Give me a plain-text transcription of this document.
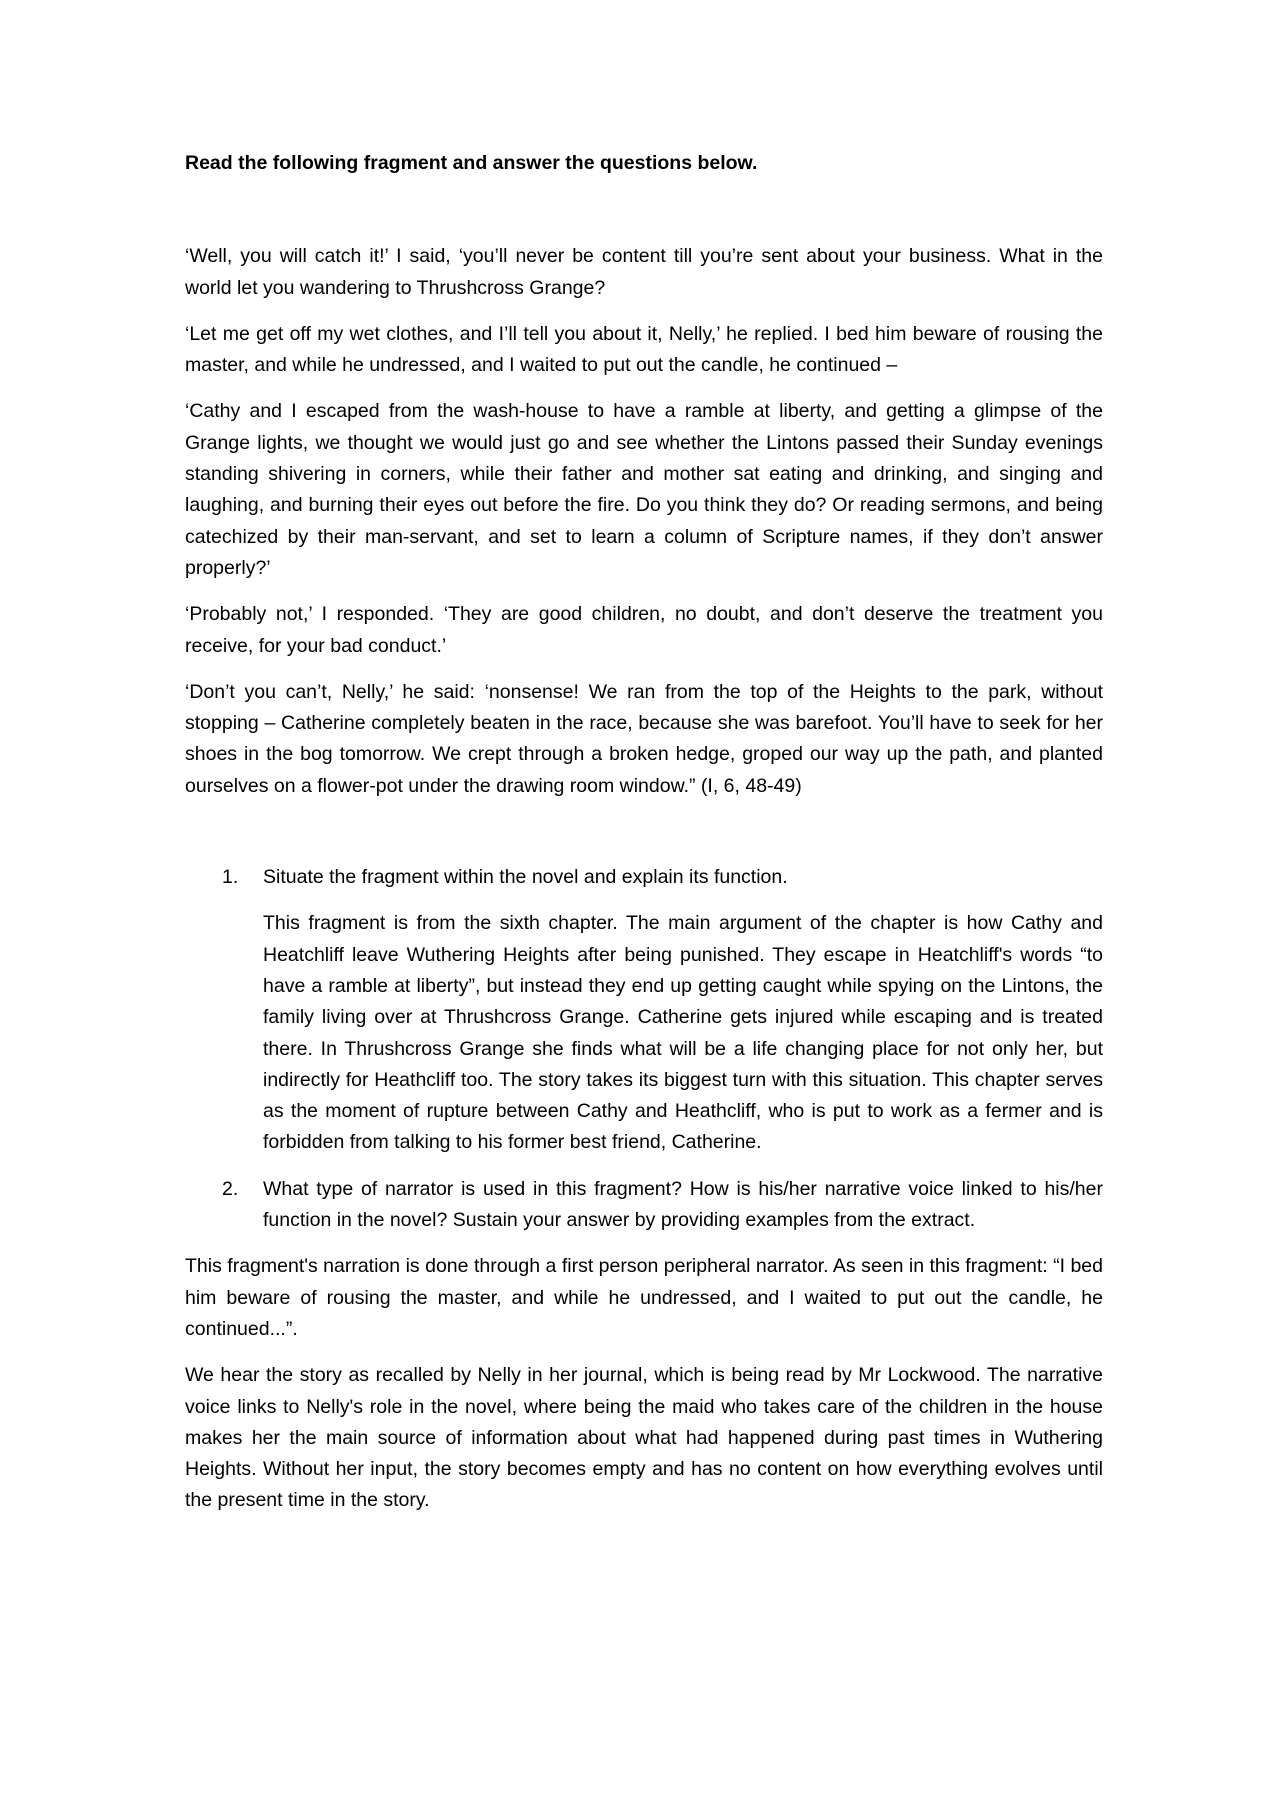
Read the following fragment and answer the questions below.

‘Well, you will catch it!’ I said, ‘you’ll never be content till you’re sent about your business. What in the world let you wandering to Thrushcross Grange?

‘Let me get off my wet clothes, and I’ll tell you about it, Nelly,’ he replied. I bed him beware of rousing the master, and while he undressed, and I waited to put out the candle, he continued –

‘Cathy and I escaped from the wash-house to have a ramble at liberty, and getting a glimpse of the Grange lights, we thought we would just go and see whether the Lintons passed their Sunday evenings standing shivering in corners, while their father and mother sat eating and drinking, and singing and laughing, and burning their eyes out before the fire. Do you think they do? Or reading sermons, and being catechized by their man-servant, and set to learn a column of Scripture names, if they don’t answer properly?’

‘Probably not,’ I responded. ‘They are good children, no doubt, and don’t deserve the treatment you receive, for your bad conduct.’

‘Don’t you can’t, Nelly,’ he said: ‘nonsense! We ran from the top of the Heights to the park, without stopping – Catherine completely beaten in the race, because she was barefoot. You’ll have to seek for her shoes in the bog tomorrow. We crept through a broken hedge, groped our way up the path, and planted ourselves on a flower-pot under the drawing room window.” (I, 6, 48-49)

1. Situate the fragment within the novel and explain its function.

This fragment is from the sixth chapter. The main argument of the chapter is how Cathy and Heatchliff leave Wuthering Heights after being punished. They escape in Heatchliff's words “to have a ramble at liberty”, but instead they end up getting caught while spying on the Lintons, the family living over at Thrushcross Grange. Catherine gets injured while escaping and is treated there. In Thrushcross Grange she finds what will be a life changing place for not only her, but indirectly for Heathcliff too. The story takes its biggest turn with this situation. This chapter serves as the moment of rupture between Cathy and Heathcliff, who is put to work as a fermer and is forbidden from talking to his former best friend, Catherine.

2. What type of narrator is used in this fragment? How is his/her narrative voice linked to his/her function in the novel? Sustain your answer by providing examples from the extract.

This fragment's narration is done through a first person peripheral narrator. As seen in this fragment: “I bed him beware of rousing the master, and while he undressed, and I waited to put out the candle, he continued...”.

We hear the story as recalled by Nelly in her journal, which is being read by Mr Lockwood. The narrative voice links to Nelly's role in the novel, where being the maid who takes care of the children in the house makes her the main source of information about what had happened during past times in Wuthering Heights. Without her input, the story becomes empty and has no content on how everything evolves until the present time in the story.
